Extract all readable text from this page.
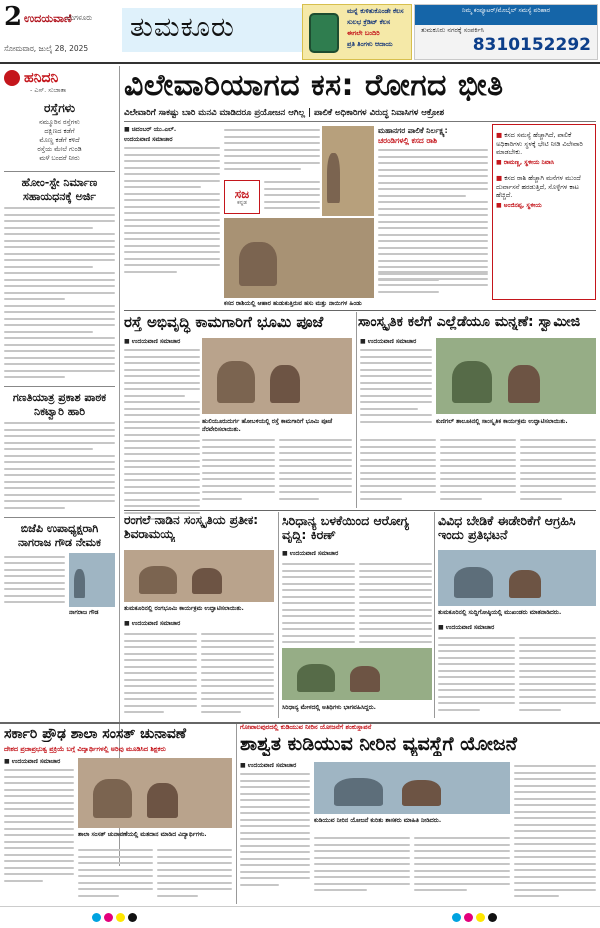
2 ಉದಯವಾಣಿ
ಬೆಂಗಳೂರು
ಸೋಮವಾರ, ಜುಲೈ 28, 2025
ತುಮಕೂರು
ಮನ್ನೆ ಕುಳಿತುಕೊಂಡೇ ಕೆಲಸ
ಸುಲಭ ಕ್ರೆಡಿಟ್ ಕೆಲಸ
ಈಗಲೇ ಬಂದಿರಿ
ಪ್ರತಿ ತಿಂಗಳು ಆದಾಯ
ನಿಮ್ಮ ಕಂಪ್ಯೂಟರ್/ಮೊಬೈಲ್ ಸಮಸ್ಯೆ ಪರಿಹಾರ
ತುಮಕೂರು ನಗರಕ್ಕೆ ಸಂಪರ್ಕಿಸಿ
8310152292
ಹನಿದನಿ
- ಎಸ್. ಸುಜಾತಾ
ರಸ್ತೆಗಳು
ನಮ್ಮೂರಿನ ರಸ್ತೆಗಳು
ದಕ್ಷಿಣದ ಕಡೆಗೆ
ಮೊಣ್ಣ ಕಡೆಗೆ ಕಳಿದೆ
ರಸ್ತೆಯ ಮೇಲೆ ಗುಂಡಿ
ಮಳೆ ಬಂದರೆ ನೀರು
ಹೋಂ-ಸ್ಟೇ ನಿರ್ಮಾಣ ಸಹಾಯಧನಕ್ಕೆ ಅರ್ಜಿ
ಗಣತಿಯಾತ್ರ ಪ್ರಕಾಶ ಪಾಠಕ ನಿಕಟ್ವಾರಿ ಹಾರಿ
ಬಿಜೆಪಿ ಉಪಾಧ್ಯಕ್ಷರಾಗಿ ನಾಗರಾಜ ಗೌಡ ನೇಮಕ
ನಾಗರಾಜ ಗೌಡ
ವಿಲೇವಾರಿಯಾಗದ ಕಸ: ರೋಗದ ಭೀತಿ
ವಿಲೇವಾರಿಗೆ ಸಾಕಷ್ಟು ಬಾರಿ ಮನವಿ ಮಾಡಿದರೂ ಪ್ರಯೋಜನ ಆಗಿಲ್ಲ | ಪಾಲಿಕೆ ಅಧಿಕಾರಿಗಳ ವಿರುದ್ಧ ನಿವಾಸಿಗಳ ಆಕ್ರೋಶ
■ ಚಿದಂಬರ್ ಯು.ಎಲ್.
ಉದಯವಾಣಿ ಸಮಾಚಾರ
ಸಜ
ಕನ್ನಡ
ಕಸದ ರಾಶಿಯಲ್ಲಿ ಆಹಾರ ಹುಡುಕುತ್ತಿರುವ ಹಸು ಮತ್ತು ನಾಯಿಗಳ ಹಿಂಡು
ಮಹಾನಗರ ಪಾಲಿಕೆ ನಿರ್ಲಕ್ಷ್ಯ:
ಚರಂಡಿಗಳಲ್ಲಿ ಕಸದ ರಾಶಿ
■ ಕಸದ ಸಮಸ್ಯೆ ಹೆಚ್ಚಾಗಿದೆ, ಪಾಲಿಕೆ ಅಧಿಕಾರಿಗಳು ಸ್ಥಳಕ್ಕೆ ಭೇಟಿ ನೀಡಿ ವಿಲೇವಾರಿ ಮಾಡಬೇಕು.
■ ರಾಮಣ್ಣ, ಸ್ಥಳೀಯ ನಿವಾಸಿ
■ ಕಸದ ರಾಶಿ ಹೆಚ್ಚಾಗಿ ಮನೆಗಳ ಮುಂದೆ ದುರ್ವಾಸನೆ ಹರಡುತ್ತಿದೆ, ಸೊಳ್ಳೆಗಳ ಕಾಟ ಹೆಚ್ಚಿದೆ.
■ ಅಂಜಿನಪ್ಪ, ಸ್ಥಳೀಯ
ರಸ್ತೆ ಅಭಿವೃದ್ಧಿ ಕಾಮಗಾರಿಗೆ ಭೂಮಿ ಪೂಜೆ	ಸಾಂಸ್ಕೃತಿಕ ಕಲೆಗೆ ಎಲ್ಲೆಡೆಯೂ ಮನ್ನಣೆ: ಸ್ವಾಮೀಜಿ
■ ಉದಯವಾಣಿ ಸಮಾಚಾರ
ಹುಲಿಯೂರುದುರ್ಗ ಹೋಬಳಿಯಲ್ಲಿ ರಸ್ತೆ ಕಾಮಗಾರಿಗೆ ಭೂಮಿ ಪೂಜೆ ನೆರವೇರಿಸಲಾಯಿತು.
■ ಉದಯವಾಣಿ ಸಮಾಚಾರ
ಕುಣಿಗಲ್ ತಾಲೂಕಿನಲ್ಲಿ ಸಾಂಸ್ಕೃತಿಕ ಕಾರ್ಯಕ್ರಮ ಉದ್ಘಾಟಿಸಲಾಯಿತು.
ರಂಗಲೆ ನಾಡಿನ ಸಂಸ್ಕೃತಿಯ ಪ್ರತೀಕ: ಶಿವರಾಮಯ್ಯ
ಸಿರಿಧಾನ್ಯ ಬಳಕೆಯಿಂದ ಆರೋಗ್ಯ ವೃದ್ಧಿ: ಕಿರಣ್
ವಿವಿಧ ಬೇಡಿಕೆ ಈಡೇರಿಕೆಗೆ ಆಗ್ರಹಿಸಿ ಇಂದು ಪ್ರತಿಭಟನೆ
ತುಮಕೂರಿನಲ್ಲಿ ರಂಗಭೂಮಿ ಕಾರ್ಯಕ್ರಮ ಉದ್ಘಾಟಿಸಲಾಯಿತು.
■ ಉದಯವಾಣಿ ಸಮಾಚಾರ
■ ಉದಯವಾಣಿ ಸಮಾಚಾರ
ಸಿರಿಧಾನ್ಯ ಮೇಳದಲ್ಲಿ ಅತಿಥಿಗಳು ಭಾಗವಹಿಸಿದ್ದರು.
ತುಮಕೂರಿನಲ್ಲಿ ಸುದ್ದಿಗೋಷ್ಠಿಯಲ್ಲಿ ಮುಖಂಡರು ಮಾತನಾಡಿದರು.
■ ಉದಯವಾಣಿ ಸಮಾಚಾರ
ಸರ್ಕಾರಿ ಪ್ರೌಢ ಶಾಲಾ ಸಂಸತ್ ಚುನಾವಣೆ
ದೇಶದ ಪ್ರಜಾಪ್ರಭುತ್ವ ಪ್ರಕ್ರಿಯೆ ಬಗ್ಗೆ ವಿದ್ಯಾರ್ಥಿಗಳಲ್ಲಿ ಅರಿವು ಮೂಡಿಸಿದ ಶಿಕ್ಷಕರು
ಗೋಪಾಲಪುರದಲ್ಲಿ ಕುಡಿಯುವ ನೀರಿನ ಯೋಜನೆಗೆ ಶಂಕುಸ್ಥಾಪನೆ
ಶಾಶ್ವತ ಕುಡಿಯುವ ನೀರಿನ ವ್ಯವಸ್ಥೆಗೆ ಯೋಜನೆ
■ ಉದಯವಾಣಿ ಸಮಾಚಾರ
ಶಾಲಾ ಸಂಸತ್ ಚುನಾವಣೆಯಲ್ಲಿ ಮತದಾನ ಮಾಡಿದ ವಿದ್ಯಾರ್ಥಿಗಳು.
■ ಉದಯವಾಣಿ ಸಮಾಚಾರ
ಕುಡಿಯುವ ನೀರಿನ ಯೋಜನೆ ಕುರಿತು ಶಾಸಕರು ಮಾಹಿತಿ ನೀಡಿದರು.
